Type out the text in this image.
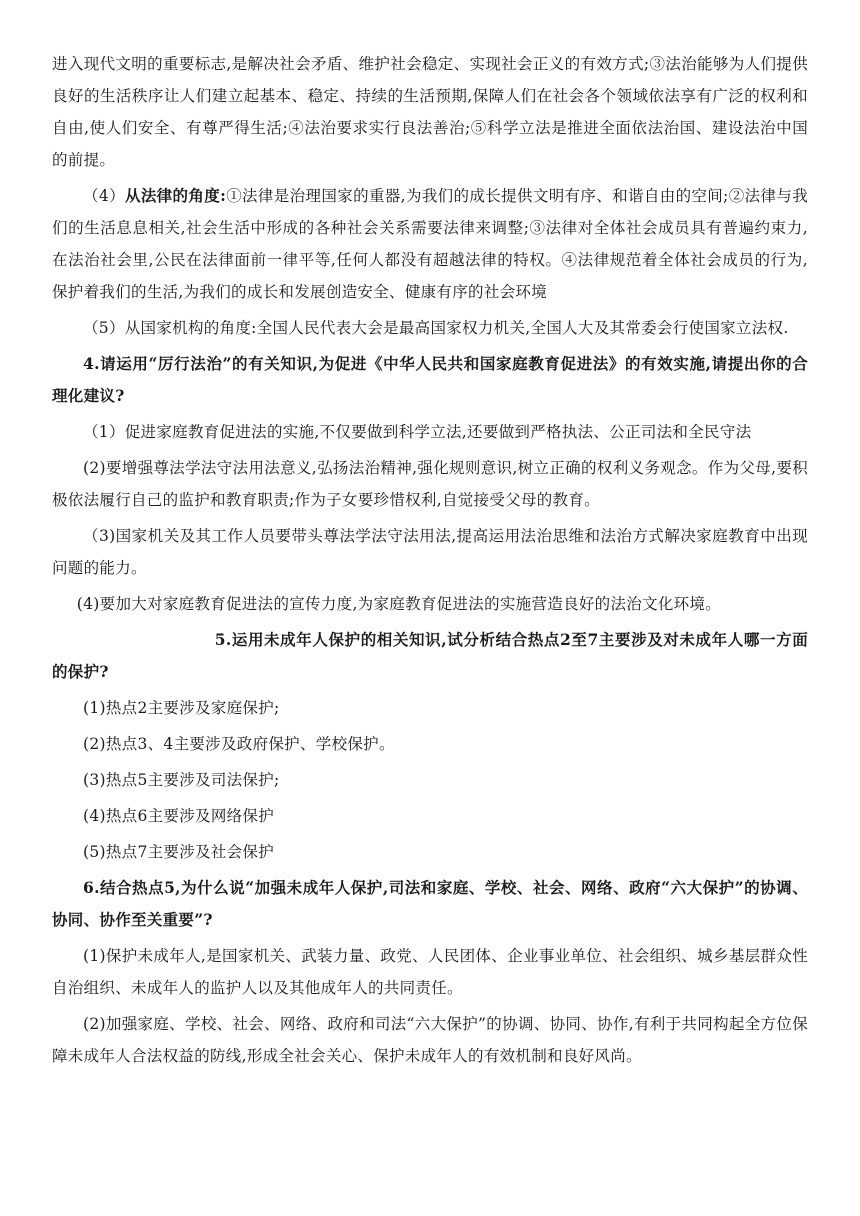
进入现代文明的重要标志,是解决社会矛盾、维护社会稳定、实现社会正义的有效方式;③法治能够为人们提供良好的生活秩序让人们建立起基本、稳定、持续的生活预期,保障人们在社会各个领域依法享有广泛的权利和自由,使人们安全、有尊严得生活;④法治要求实行良法善治;⑤科学立法是推进全面依法治国、建设法治中国的前提。

（4）从法律的角度:①法律是治理国家的重器,为我们的成长提供文明有序、和谐自由的空间;②法律与我们的生活息息相关,社会生活中形成的各种社会关系需要法律来调整;③法律对全体社会成员具有普遍约束力,在法治社会里,公民在法律面前一律平等,任何人都没有超越法律的特权。④法律规范着全体社会成员的行为,保护着我们的生活,为我们的成长和发展创造安全、健康有序的社会环境

（5）从国家机构的角度:全国人民代表大会是最高国家权力机关,全国人大及其常委会行使国家立法权.

4.请运用“厉行法治”的有关知识,为促进《中华人民共和国家庭教育促进法》的有效实施,请提出你的合理化建议?

（1）促进家庭教育促进法的实施,不仅要做到科学立法,还要做到严格执法、公正司法和全民守法

(2)要增强尊法学法守法用法意义,弘扬法治精神,强化规则意识,树立正确的权利义务观念。作为父母,要积极依法履行自己的监护和教育职责;作为子女要珍惜权利,自觉接受父母的教育。

（3)国家机关及其工作人员要带头尊法学法守法用法,提高运用法治思维和法治方式解决家庭教育中出现问题的能力。

(4)要加大对家庭教育促进法的宣传力度,为家庭教育促进法的实施营造良好的法治文化环境。

5.运用未成年人保护的相关知识,试分析结合热点2至7主要涉及对未成年人哪一方面的保护?

(1)热点2主要涉及家庭保护;

(2)热点3、4主要涉及政府保护、学校保护。

(3)热点5主要涉及司法保护;

(4)热点6主要涉及网络保护

(5)热点7主要涉及社会保护

6.结合热点5,为什么说“加强未成年人保护,司法和家庭、学校、社会、网络、政府“六大保护”的协调、协同、协作至关重要”?

(1)保护未成年人,是国家机关、武装力量、政党、人民团体、企业事业单位、社会组织、城乡基层群众性自治组织、未成年人的监护人以及其他成年人的共同责任。

(2)加强家庭、学校、社会、网络、政府和司法“六大保护”的协调、协同、协作,有利于共同构起全方位保障未成年人合法权益的防线,形成全社会关心、保护未成年人的有效机制和良好风尚。
